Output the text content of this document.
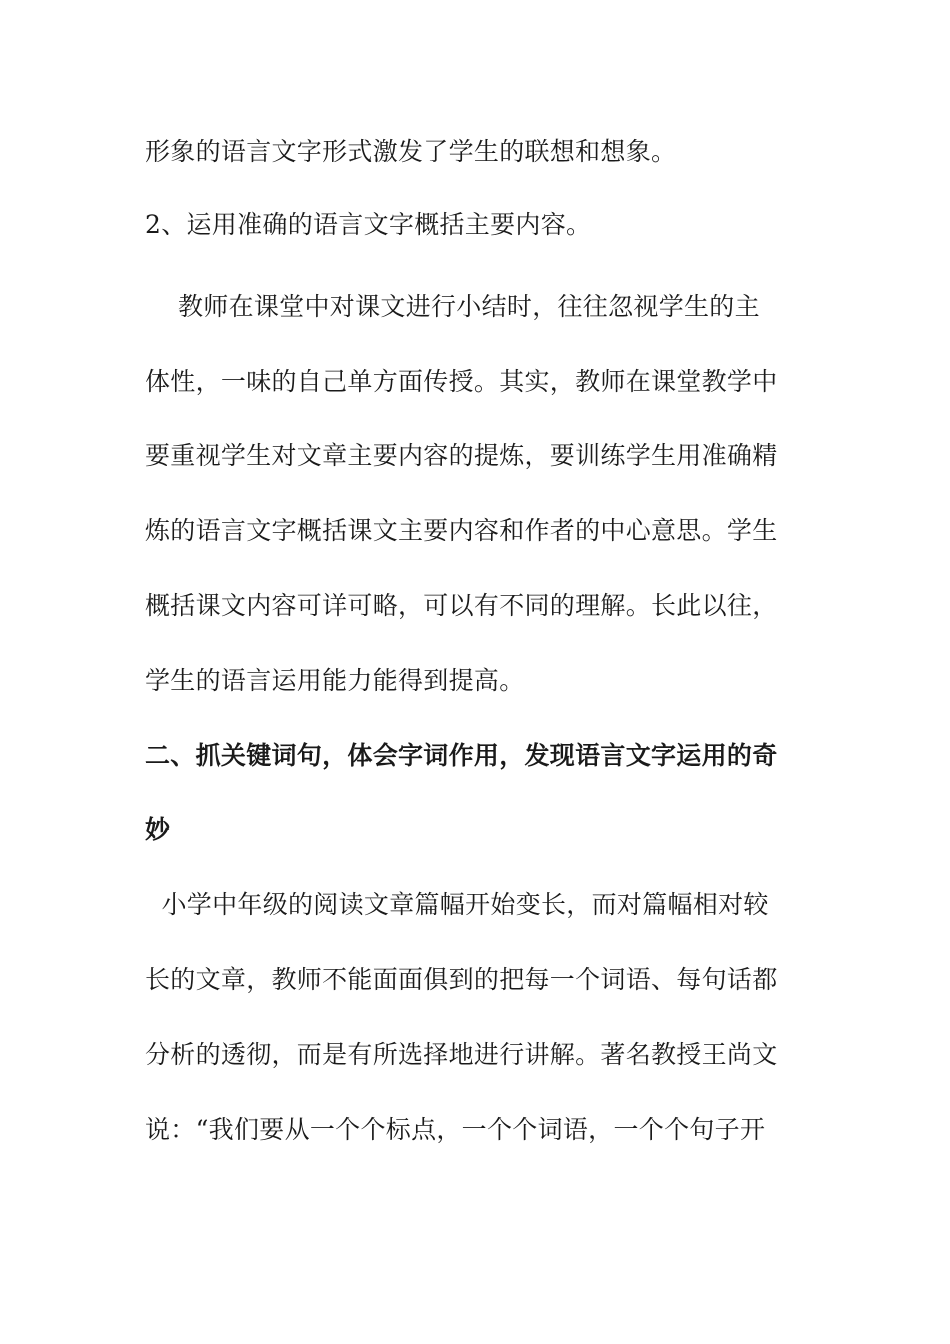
形象的语言文字形式激发了学生的联想和想象。
2、运用准确的语言文字概括主要内容。
教师在课堂中对课文进行小结时，往往忽视学生的主
体性，一味的自己单方面传授。其实，教师在课堂教学中
要重视学生对文章主要内容的提炼，要训练学生用准确精
炼的语言文字概括课文主要内容和作者的中心意思。学生
概括课文内容可详可略，可以有不同的理解。长此以往，
学生的语言运用能力能得到提高。
二、抓关键词句，体会字词作用，发现语言文字运用的奇
妙
小学中年级的阅读文章篇幅开始变长，而对篇幅相对较
长的文章，教师不能面面俱到的把每一个词语、每句话都
分析的透彻，而是有所选择地进行讲解。著名教授王尚文
说：“我们要从一个个标点，一个个词语，一个个句子开
